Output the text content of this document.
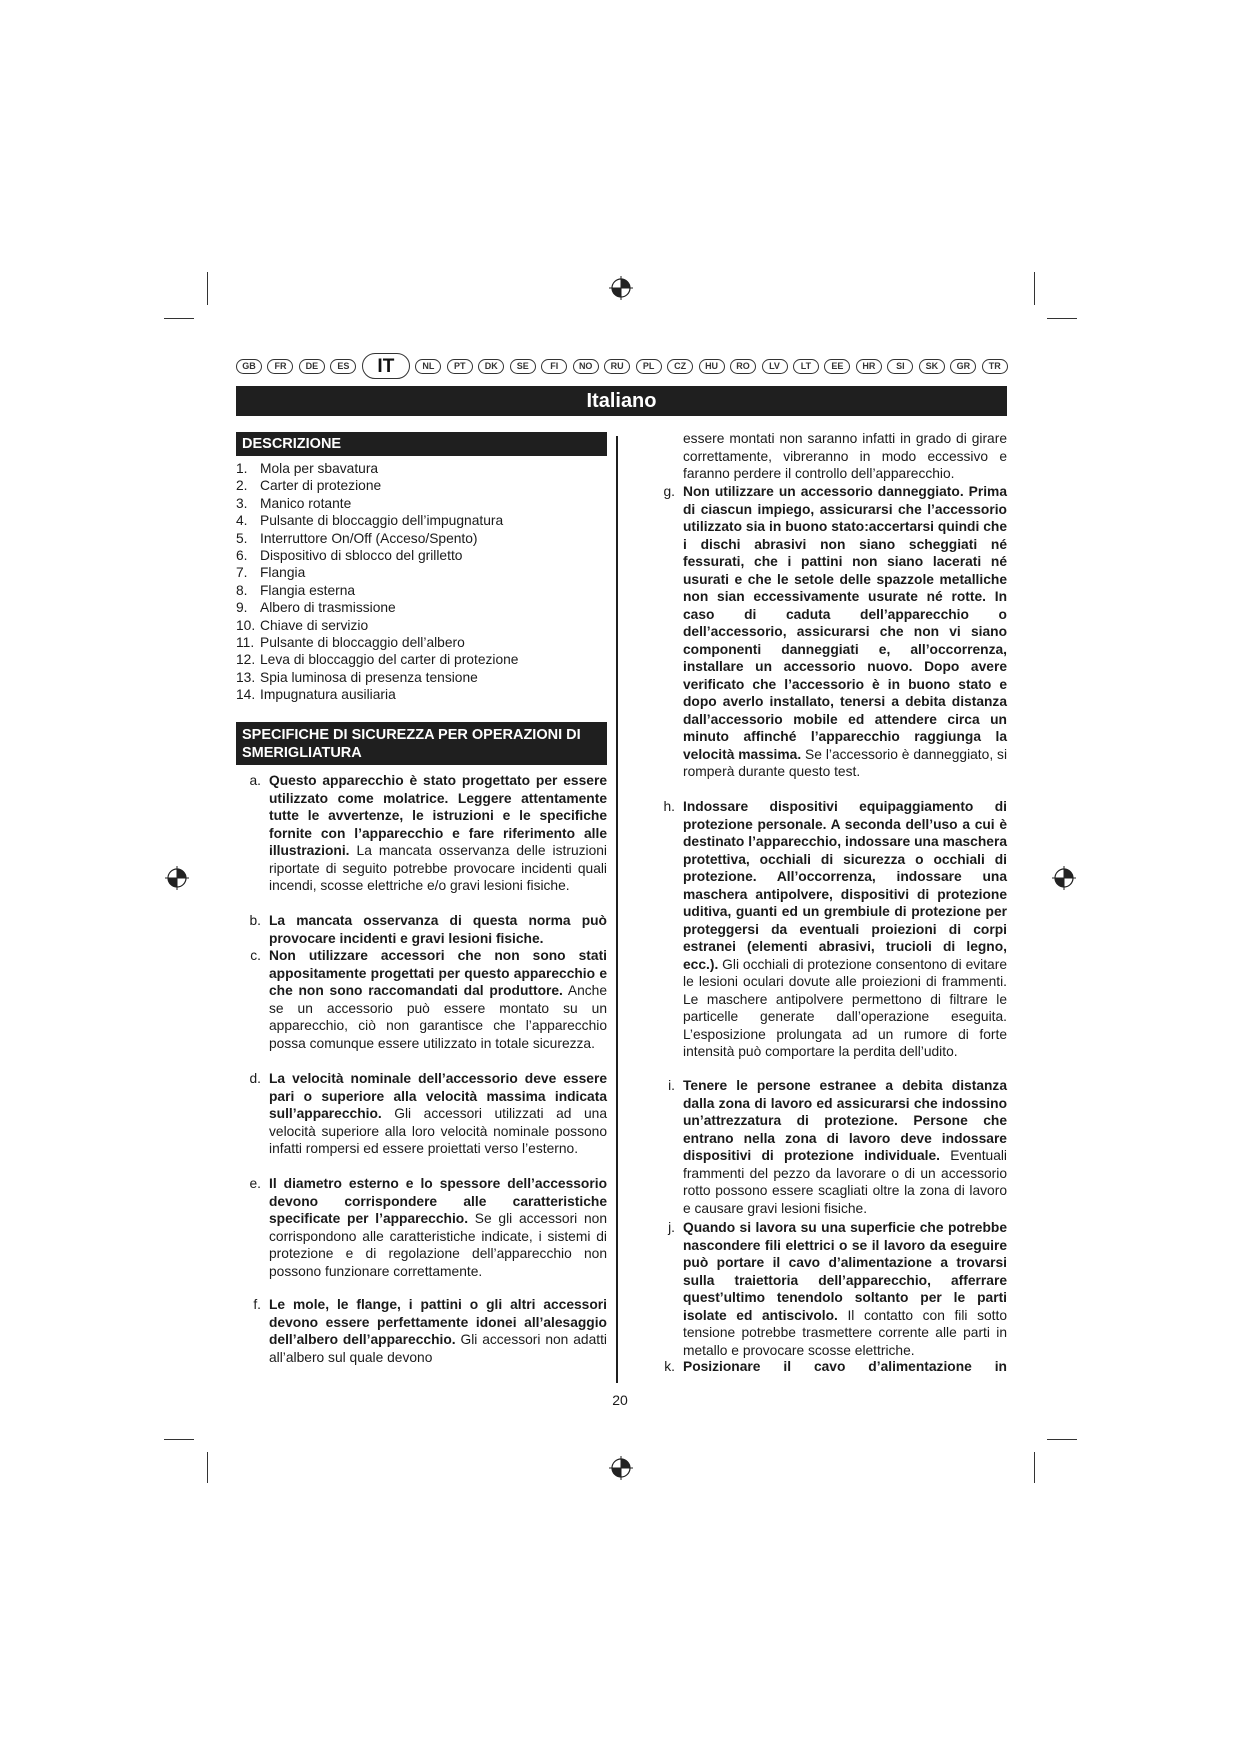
GB	FR	DE	ES	IT	NL	PT	DK	SE	FI	NO	RU	PL	CZ	HU	RO	LV	LT	EE	HR	SI	SK	GR	TR
Italiano
DESCRIZIONE
1. Mola per sbavatura
2. Carter di protezione
3. Manico rotante
4. Pulsante di bloccaggio dell’impugnatura
5. Interruttore On/Off (Acceso/Spento)
6. Dispositivo di sblocco del grilletto
7. Flangia
8. Flangia esterna
9. Albero di trasmissione
10. Chiave di servizio
11. Pulsante di bloccaggio dell’albero
12. Leva di bloccaggio del carter di protezione
13. Spia luminosa di presenza tensione
14. Impugnatura ausiliaria
SPECIFICHE DI SICUREZZA PER OPERAZIONI DI SMERIGLIATURA
a. Questo apparecchio è stato progettato per essere utilizzato come molatrice. Leggere attentamente tutte le avvertenze, le istruzioni e le specifiche fornite con l’apparecchio e fare riferimento alle illustrazioni. La mancata osservanza delle istruzioni riportate di seguito potrebbe provocare incidenti quali incendi, scosse elettriche e/o gravi lesioni fisiche.
b. La mancata osservanza di questa norma può provocare incidenti e gravi lesioni fisiche.
c. Non utilizzare accessori che non sono stati appositamente progettati per questo apparecchio e che non sono raccomandati dal produttore. Anche se un accessorio può essere montato su un apparecchio, ciò non garantisce che l’apparecchio possa comunque essere utilizzato in totale sicurezza.
d. La velocità nominale dell’accessorio deve essere pari o superiore alla velocità massima indicata sull’apparecchio. Gli accessori utilizzati ad una velocità superiore alla loro velocità nominale possono infatti rompersi ed essere proiettati verso l’esterno.
e. Il diametro esterno e lo spessore dell’accessorio devono corrispondere alle caratteristiche specificate per l’apparecchio. Se gli accessori non corrispondono alle caratteristiche indicate, i sistemi di protezione e di regolazione dell’apparecchio non possono funzionare correttamente.
f. Le mole, le flange, i pattini o gli altri accessori devono essere perfettamente idonei all’alesaggio dell’albero dell’apparecchio. Gli accessori non adatti all’albero sul quale devono
essere montati non saranno infatti in grado di girare correttamente, vibreranno in modo eccessivo e faranno perdere il controllo dell’apparecchio.
g. Non utilizzare un accessorio danneggiato. Prima di ciascun impiego, assicurarsi che l’accessorio utilizzato sia in buono stato:accertarsi quindi che i dischi abrasivi non siano scheggiati né fessurati, che i pattini non siano lacerati né usurati e che le setole delle spazzole metalliche non sian eccessivamente usurate né rotte. In caso di caduta dell’apparecchio o dell’accessorio, assicurarsi che non vi siano componenti danneggiati e, all’occorrenza, installare un accessorio nuovo. Dopo avere verificato che l’accessorio è in buono stato e dopo averlo installato, tenersi a debita distanza dall’accessorio mobile ed attendere circa un minuto affinché l’apparecchio raggiunga la velocità massima. Se l’accessorio è danneggiato, si romperà durante questo test.
h. Indossare dispositivi equipaggiamento di protezione personale. A seconda dell’uso a cui è destinato l’apparecchio, indossare una maschera protettiva, occhiali di sicurezza o occhiali di protezione. All’occorrenza, indossare una maschera antipolvere, dispositivi di protezione uditiva, guanti ed un grembiule di protezione per proteggersi da eventuali proiezioni di corpi estranei (elementi abrasivi, trucioli di legno, ecc.). Gli occhiali di protezione consentono di evitare le lesioni oculari dovute alle proiezioni di frammenti. Le maschere antipolvere permettono di filtrare le particelle generate dall’operazione eseguita. L’esposizione prolungata ad un rumore di forte intensità può comportare la perdita dell’udito.
i. Tenere le persone estranee a debita distanza dalla zona di lavoro ed assicurarsi che indossino un’attrezzatura di protezione. Persone che entrano nella zona di lavoro deve indossare dispositivi di protezione individuale. Eventuali frammenti del pezzo da lavorare o di un accessorio rotto possono essere scagliati oltre la zona di lavoro e causare gravi lesioni fisiche.
j. Quando si lavora su una superficie che potrebbe nascondere fili elettrici o se il lavoro da eseguire può portare il cavo d’alimentazione a trovarsi sulla traiettoria dell’apparecchio, afferrare quest’ultimo tenendolo soltanto per le parti isolate ed antiscivolo. Il contatto con fili sotto tensione potrebbe trasmettere corrente alle parti in metallo e provocare scosse elettriche.
k. Posizionare il cavo d’alimentazione in
20
